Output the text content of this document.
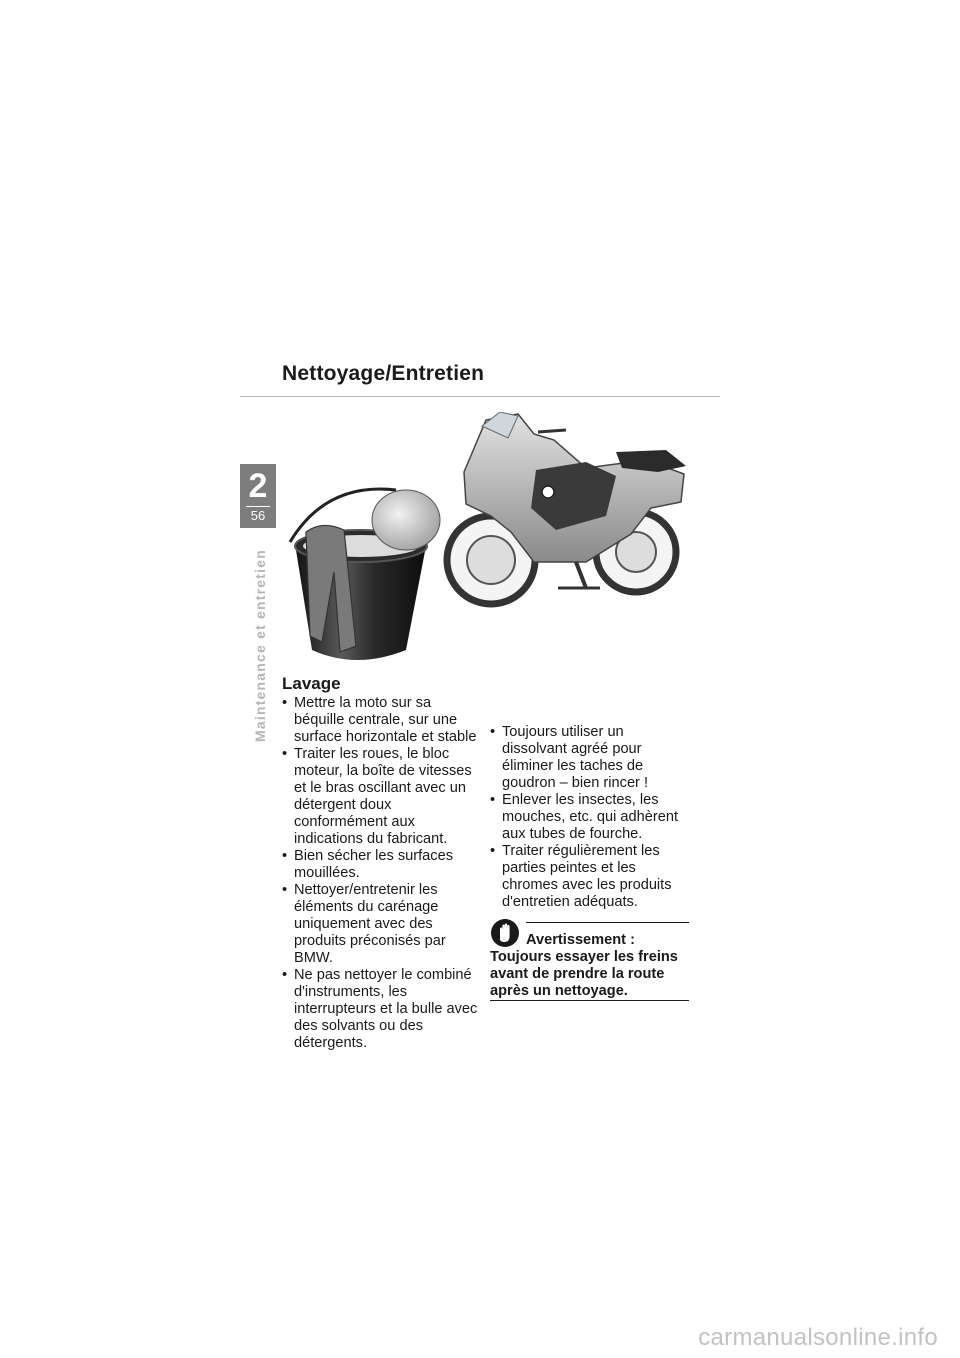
Nettoyage/Entretien
2
56
Maintenance et entretien Lavage
• Mettre la moto sur sa béquille centrale, sur une surface horizontale et stable
• Traiter les roues, le bloc moteur, la boîte de vitesses et le bras oscillant avec un détergent doux conformément aux indications du fabricant.
• Bien sécher les surfaces mouillées.
• Nettoyer/entretenir les éléments du carénage uniquement avec des produits préconisés par BMW.
• Ne pas nettoyer le combiné d'instruments, les interrupteurs et la bulle avec des solvants ou des détergents.
• Toujours utiliser un dissolvant agréé pour éliminer les taches de goudron – bien rincer !
• Enlever les insectes, les mouches, etc. qui adhèrent aux tubes de fourche.
• Traiter régulièrement les parties peintes et les chromes avec les produits d'entretien adéquats.
Avertissement :
Toujours essayer les freins avant de prendre la route après un nettoyage.
carmanualsonline.info
